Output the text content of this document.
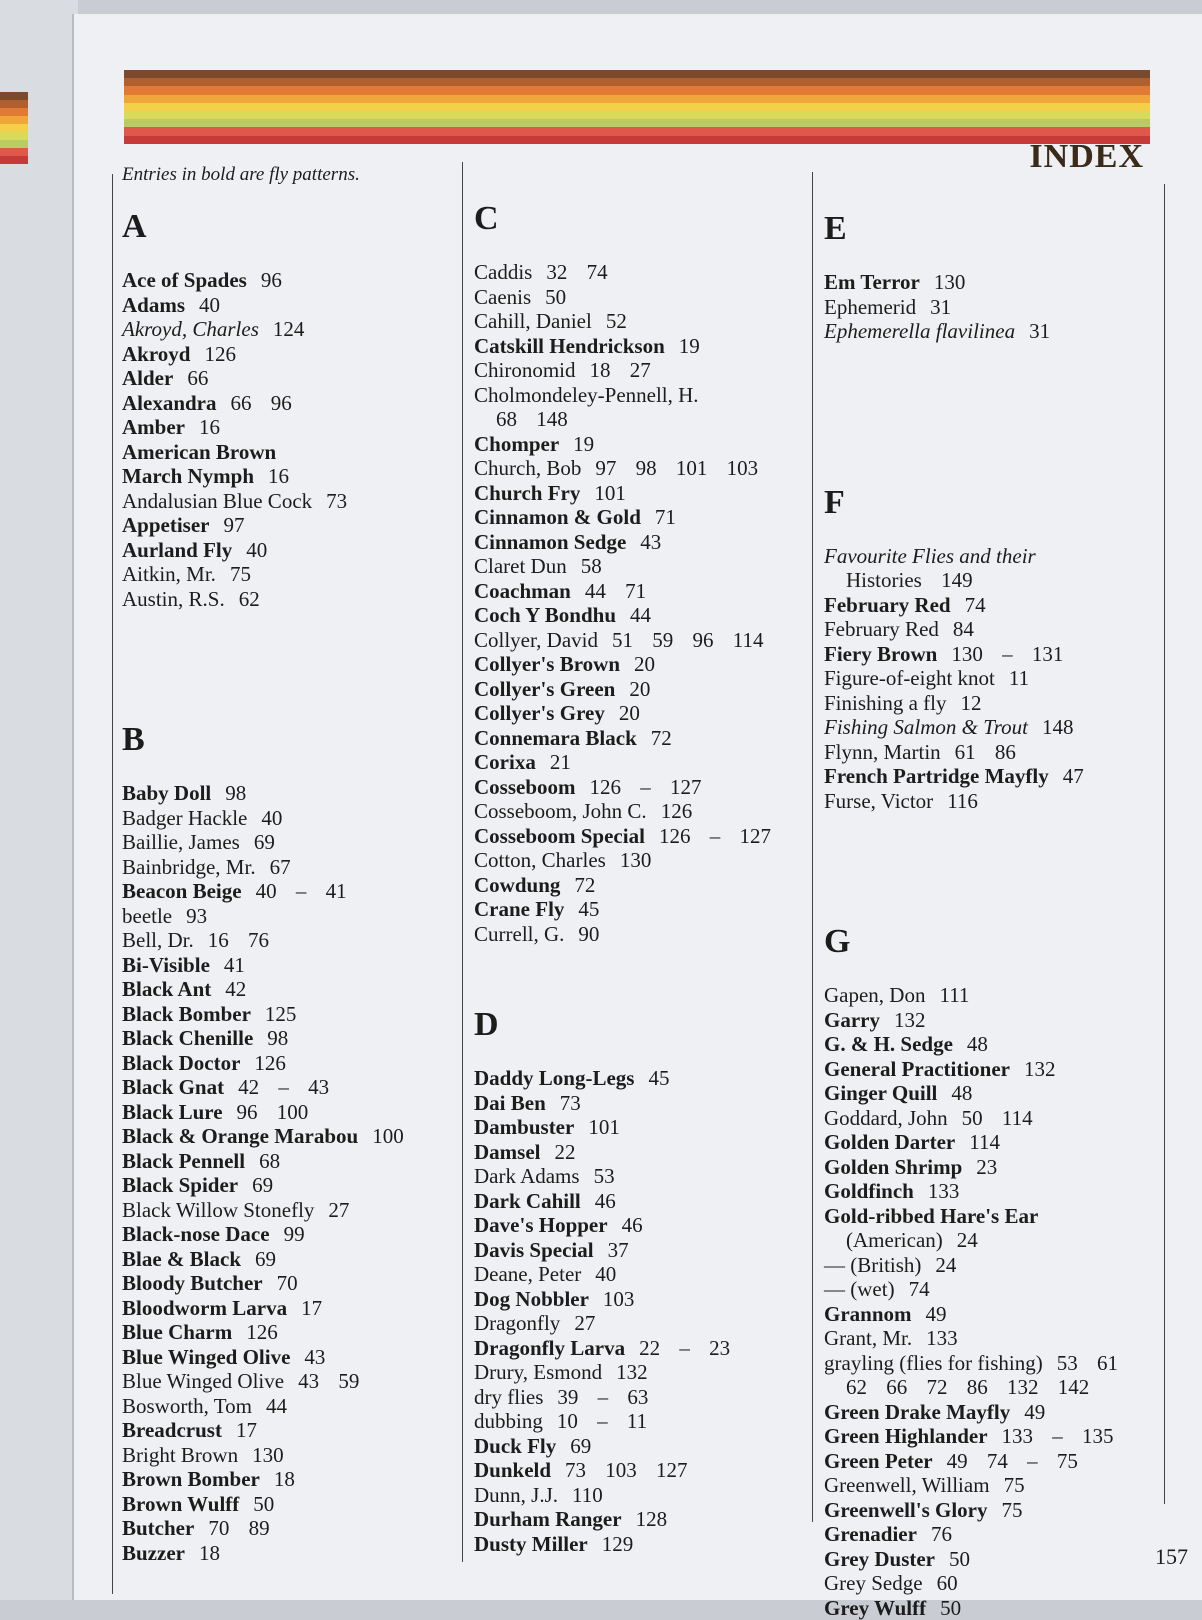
INDEX
Entries in bold are fly patterns.
A
Ace of Spades 96
Adams 40
Akroyd, Charles 124
Akroyd 126
Alder 66
Alexandra 66 96
Amber 16
American Brown
March Nymph 16
Andalusian Blue Cock 73
Appetiser 97
Aurland Fly 40
Aitkin, Mr. 75
Austin, R.S. 62
B
Baby Doll 98
Badger Hackle 40
Baillie, James 69
Bainbridge, Mr. 67
Beacon Beige 40 – 41
beetle 93
Bell, Dr. 16 76
Bi-Visible 41
Black Ant 42
Black Bomber 125
Black Chenille 98
Black Doctor 126
Black Gnat 42 – 43
Black Lure 96 100
Black & Orange Marabou 100
Black Pennell 68
Black Spider 69
Black Willow Stonefly 27
Black-nose Dace 99
Blae & Black 69
Bloody Butcher 70
Bloodworm Larva 17
Blue Charm 126
Blue Winged Olive 43
Blue Winged Olive 43 59
Bosworth, Tom 44
Breadcrust 17
Bright Brown 130
Brown Bomber 18
Brown Wulff 50
Butcher 70 89
Buzzer 18
C
Caddis 32 74
Caenis 50
Cahill, Daniel 52
Catskill Hendrickson 19
Chironomid 18 27
Cholmondeley-Pennell, H.
68 148
Chomper 19
Church, Bob 97 98 101 103
Church Fry 101
Cinnamon & Gold 71
Cinnamon Sedge 43
Claret Dun 58
Coachman 44 71
Coch Y Bondhu 44
Collyer, David 51 59 96 114
Collyer's Brown 20
Collyer's Green 20
Collyer's Grey 20
Connemara Black 72
Corixa 21
Cosseboom 126 – 127
Cosseboom, John C. 126
Cosseboom Special 126 – 127
Cotton, Charles 130
Cowdung 72
Crane Fly 45
Currell, G. 90
D
Daddy Long-Legs 45
Dai Ben 73
Dambuster 101
Damsel 22
Dark Adams 53
Dark Cahill 46
Dave's Hopper 46
Davis Special 37
Deane, Peter 40
Dog Nobbler 103
Dragonfly 27
Dragonfly Larva 22 – 23
Drury, Esmond 132
dry flies 39 – 63
dubbing 10 – 11
Duck Fly 69
Dunkeld 73 103 127
Dunn, J.J. 110
Durham Ranger 128
Dusty Miller 129
E
Em Terror 130
Ephemerid 31
Ephemerella flavilinea 31
F
Favourite Flies and their
Histories 149
February Red 74
February Red 84
Fiery Brown 130 – 131
Figure-of-eight knot 11
Finishing a fly 12
Fishing Salmon & Trout 148
Flynn, Martin 61 86
French Partridge Mayfly 47
Furse, Victor 116
G
Gapen, Don 111
Garry 132
G. & H. Sedge 48
General Practitioner 132
Ginger Quill 48
Goddard, John 50 114
Golden Darter 114
Golden Shrimp 23
Goldfinch 133
Gold-ribbed Hare's Ear
(American) 24
— (British) 24
— (wet) 74
Grannom 49
Grant, Mr. 133
grayling (flies for fishing) 53 61
62 66 72 86 132 142
Green Drake Mayfly 49
Green Highlander 133 – 135
Green Peter 49 74 – 75
Greenwell, William 75
Greenwell's Glory 75
Grenadier 76
Grey Duster 50
Grey Sedge 60
Grey Wulff 50
157
